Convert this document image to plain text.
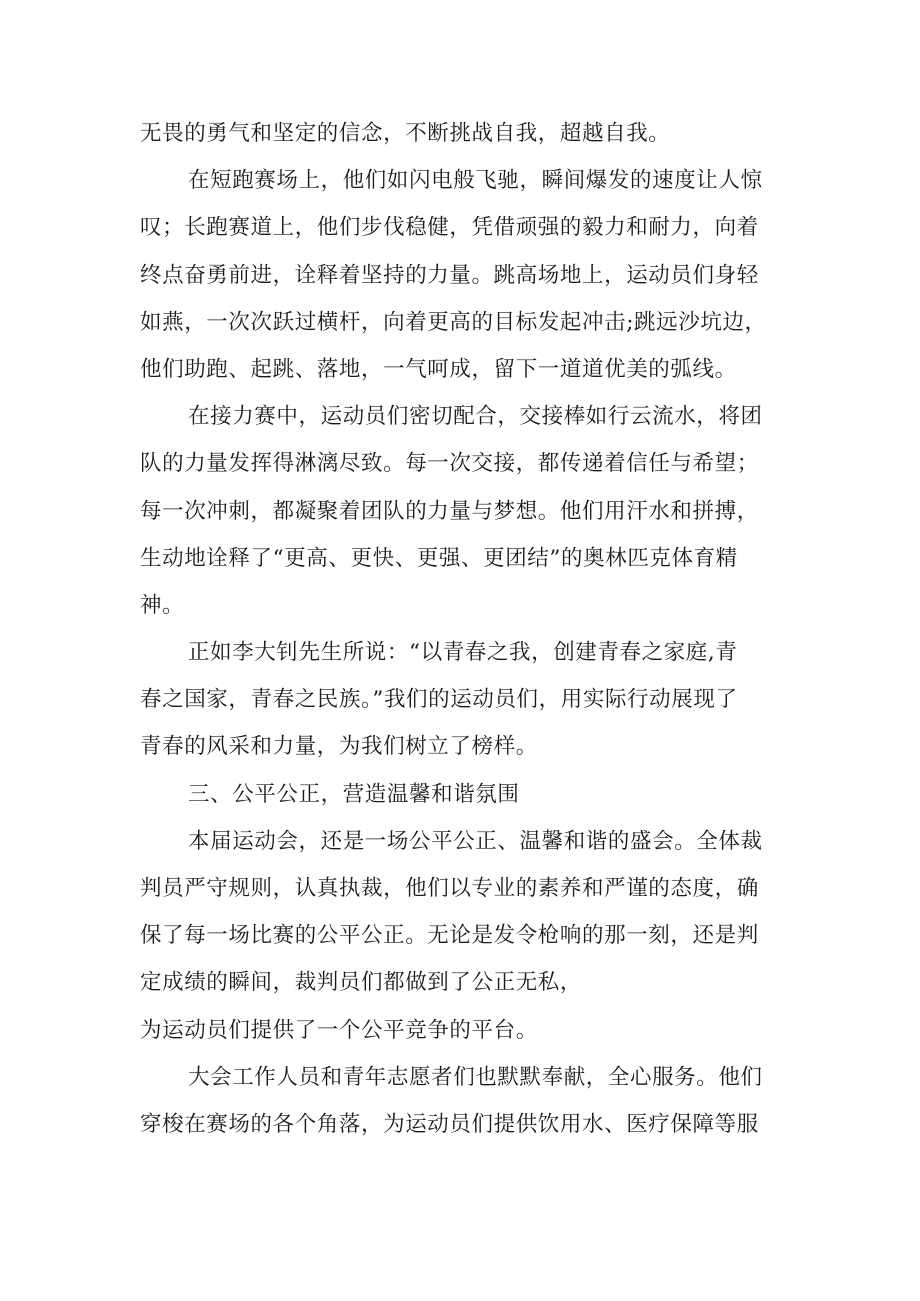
无畏的勇气和坚定的信念，不断挑战自我，超越自我。
在短跑赛场上，他们如闪电般飞驰，瞬间爆发的速度让人惊
叹；长跑赛道上，他们步伐稳健，凭借顽强的毅力和耐力，向着
终点奋勇前进，诠释着坚持的力量。跳高场地上，运动员们身轻
如燕，一次次跃过横杆，向着更高的目标发起冲击;跳远沙坑边，
他们助跑、起跳、落地，一气呵成，留下一道道优美的弧线。
在接力赛中，运动员们密切配合，交接棒如行云流水，将团
队的力量发挥得淋漓尽致。每一次交接，都传递着信任与希望；
每一次冲刺，都凝聚着团队的力量与梦想。他们用汗水和拼搏，
生动地诠释了“更高、更快、更强、更团结”的奥林匹克体育精
神。
正如李大钊先生所说：“以青春之我，创建青春之家庭,青
春之国家，青春之民族。”我们的运动员们，用实际行动展现了
青春的风采和力量，为我们树立了榜样。
三、公平公正，营造温馨和谐氛围
本届运动会，还是一场公平公正、温馨和谐的盛会。全体裁
判员严守规则，认真执裁，他们以专业的素养和严谨的态度，确
保了每一场比赛的公平公正。无论是发令枪响的那一刻，还是判
定成绩的瞬间，裁判员们都做到了公正无私，
为运动员们提供了一个公平竞争的平台。
大会工作人员和青年志愿者们也默默奉献，全心服务。他们
穿梭在赛场的各个角落，为运动员们提供饮用水、医疗保障等服
